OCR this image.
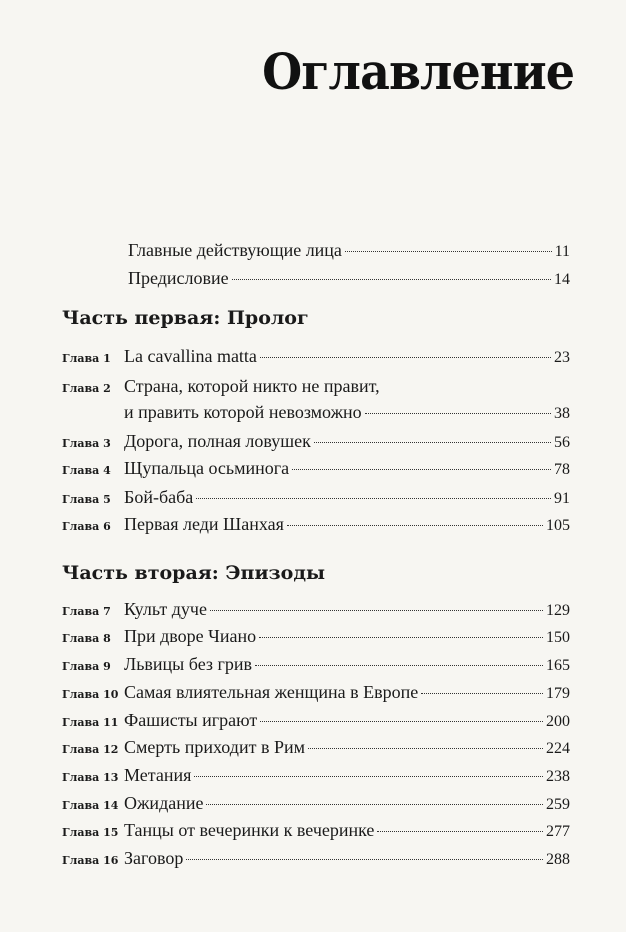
Оглавление
Главные действующие лица	11
Предисловие	14
Часть первая: Пролог
Глава 1 La cavallina matta	23
Глава 2 Страна, которой никто не правит,
и править которой невозможно	38
Глава 3 Дорога, полная ловушек	56
Глава 4 Щупальца осьминога	78
Глава 5 Бой-баба	91
Глава 6 Первая леди Шанхая	105
Часть вторая: Эпизоды
Глава 7 Культ дуче	129
Глава 8 При дворе Чиано	150
Глава 9 Львицы без грив	165
Глава 10 Самая влиятельная женщина в Европе	179
Глава 11 Фашисты играют	200
Глава 12 Смерть приходит в Рим	224
Глава 13 Метания	238
Глава 14 Ожидание	259
Глава 15 Танцы от вечеринки к вечеринке	277
Глава 16 Заговор	288
